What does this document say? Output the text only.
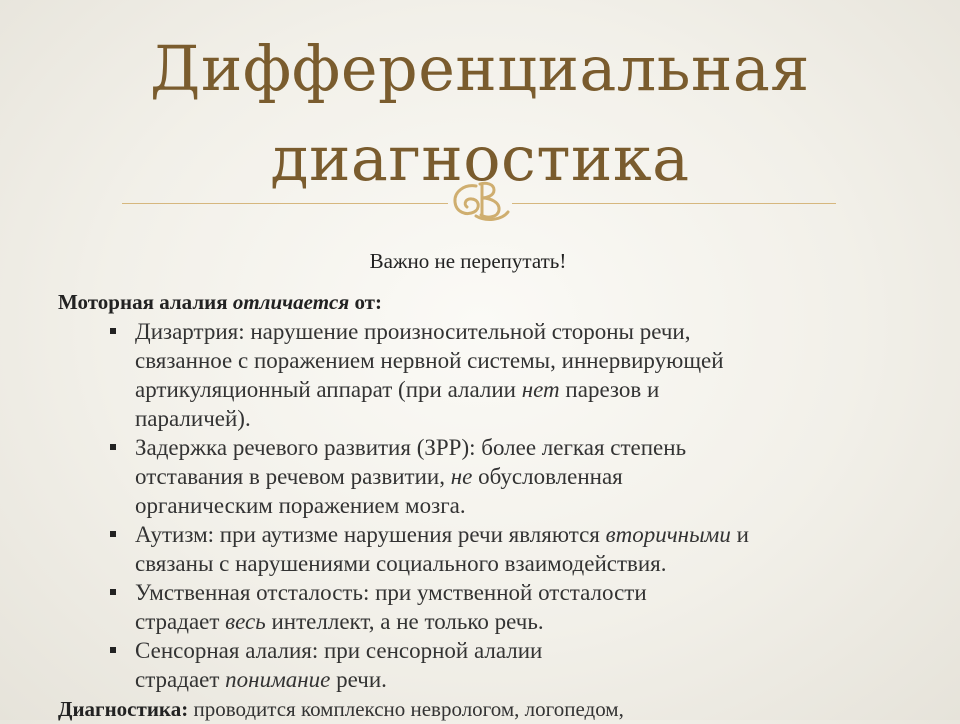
Дифференциальная
диагностика
Важно не перепутать!

Моторная алалия отличается от:

Дизартрия: нарушение произносительной стороны речи,
связанное с поражением нервной системы, иннервирующей
артикуляционный аппарат (при алалии нет парезов и
параличей).
Задержка речевого развития (ЗРР): более легкая степень
отставания в речевом развитии, не обусловленная
органическим поражением мозга.
Аутизм: при аутизме нарушения речи являются вторичными и
связаны с нарушениями социального взаимодействия.
Умственная отсталость: при умственной отсталости
страдает весь интеллект, а не только речь.
Сенсорная алалия: при сенсорной алалии
страдает понимание речи.

Диагностика: проводится комплексно неврологом, логопедом,
